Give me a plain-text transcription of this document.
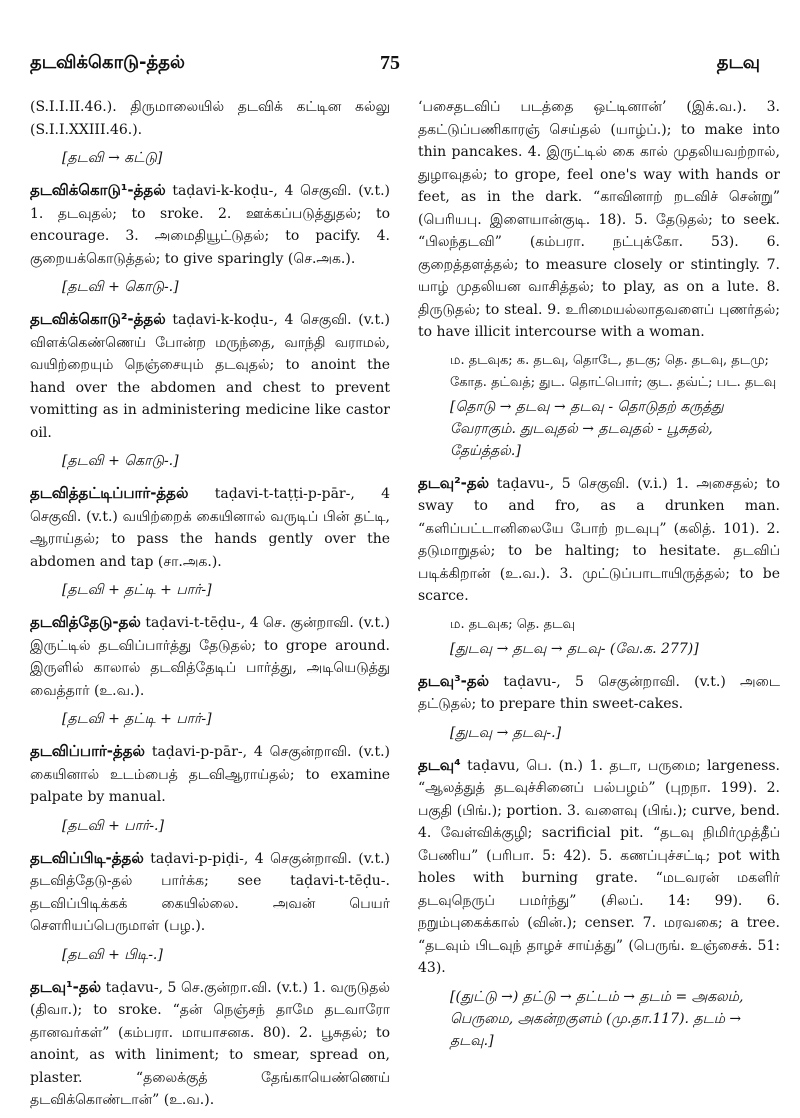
தடவிக்கொடு-த்தல்	75	தடவு
(S.I.I.II.46.). திருமாலையில் தடவிக் கட்டின கல்லு (S.I.I.XXIII.46.).
[தடவி → கட்டு]
தடவிக்கொடு¹-த்தல் taḍavi-k-koḍu-, 4 செகுவி. (v.t.) 1. தடவுதல்; to sroke. 2. ஊக்கப்படுத்துதல்; to encourage. 3. அமைதியூட்டுதல்; to pacify. 4. குறையக்கொடுத்தல்; to give sparingly (செ.அக.).
[தடவி + கொடு-.]
தடவிக்கொடு²-த்தல் taḍavi-k-koḍu-, 4 செகுவி. (v.t.) விளக்கெண்ணெய் போன்ற மருந்தை, வாந்தி வராமல், வயிற்றையும் நெஞ்சையும் தடவுதல்; to anoint the hand over the abdomen and chest to prevent vomitting as in administering medicine like castor oil.
[தடவி + கொடு-.]
தடவித்தட்டிப்பார்-த்தல் taḍavi-t-taṭṭi-p-pār-, 4 செகுவி. (v.t.) வயிற்றைக் கையினால் வருடிப் பின் தட்டி, ஆராய்தல்; to pass the hands gently over the abdomen and tap (சா.அக.).
[தடவி + தட்டி + பார்-]
தடவித்தேடு-தல் taḍavi-t-tēḍu-, 4 செ. குன்றாவி. (v.t.) இருட்டில் தடவிப்பார்த்து தேடுதல்; to grope around. இருளில் காலால் தடவித்தேடிப் பார்த்து, அடியெடுத்து வைத்தார் (உ.வ.).
[தடவி + தட்டி + பார்-]
தடவிப்பார்-த்தல் taḍavi-p-pār-, 4 செகுன்றாவி. (v.t.) கையினால் உடம்பைத் தடவிஆராய்தல்; to examine palpate by manual.
[தடவி + பார்-.]
தடவிப்பிடி-த்தல் taḍavi-p-piḍi-, 4 செகுன்றாவி. (v.t.) தடவித்தேடு-தல் பார்க்க; see taḍavi-t-tēḍu-. தடவிப்பிடிக்கக் கையில்லை. அவன் பெயர் சௌரியப்பெருமாள் (பழ.).
[தடவி + பிடி-.]
தடவு¹-தல் taḍavu-, 5 செ.குன்றா.வி. (v.t.) 1. வருடுதல் (திவா.); to sroke. “தன் நெஞ்சந் தாமே தடவாரோ தானவர்கள்” (கம்பரா. மாயாசனக. 80). 2. பூசுதல்; to anoint, as with liniment; to smear, spread on, plaster. “தலைக்குத் தேங்காயெண்ணெய் தடவிக்கொண்டான்” (உ.வ.).
‘பசைதடவிப் படத்தை ஒட்டினான்’ (இக்.வ.). 3. தகட்டுப்பணிகாரஞ் செய்தல் (யாழ்ப்.); to make into thin pancakes. 4. இருட்டில் கை கால் முதலியவற்றால், துழாவுதல்; to grope, feel one's way with hands or feet, as in the dark. “காவினாற் றடவிச் சென்று” (பெரியபு. இளையான்குடி. 18). 5. தேடுதல்; to seek. “பிலந்தடவி” (கம்பரா. நட்புக்கோ. 53). 6. குறைத்தளத்தல்; to measure closely or stintingly. 7. யாழ் முதலியன வாசித்தல்; to play, as on a lute. 8. திருடுதல்; to steal. 9. உரிமையல்லாதவளைப் புணர்தல்; to have illicit intercourse with a woman.
ம. தடவுக; க. தடவு, தொடே, தடகு; தெ. தடவு, தடமு; கோத. தட்வத்; துட. தொட்பொர்; குட. தவ்ட்; பட. தடவு
[தொடு → தடவு → தடவு - தொடுதற் கருத்து வேராகும். துடவுதல் → தடவுதல் - பூசுதல், தேய்த்தல்.]
தடவு²-தல் taḍavu-, 5 செகுவி. (v.i.) 1. அசைதல்; to sway to and fro, as a drunken man. “களிப்பட்டானிலையே போற் றடவுபு” (கலித். 101). 2. தடுமாறுதல்; to be halting; to hesitate. தடவிப் படிக்கிறான் (உ.வ.). 3. முட்டுப்பாடாயிருத்தல்; to be scarce.
ம. தடவுக; தெ. தடவு
[துடவு → தடவு → தடவு- (வே.க. 277)]
தடவு³-தல் taḍavu-, 5 செகுன்றாவி. (v.t.) அடை தட்டுதல்; to prepare thin sweet-cakes.
[துடவு → தடவு-.]
தடவு⁴ taḍavu, பெ. (n.) 1. தடா, பருமை; largeness. “ஆலத்துத் தடவுச்சினைப் பல்பழம்” (புறநா. 199). 2. பகுதி (பிங்.); portion. 3. வளைவு (பிங்.); curve, bend. 4. வேள்விக்குழி; sacrificial pit. “தடவு நிமிர்முத்தீப் பேணிய” (பரிபா. 5: 42). 5. கணப்புச்சட்டி; pot with holes with burning grate. “மடவரன் மகளிர் தடவுநெருப் பமர்ந்து” (சிலப். 14: 99). 6. நறும்புகைக்கால் (வின்.); censer. 7. மரவகை; a tree. “தடவும் பிடவுந் தாழச் சாய்த்து” (பெருங். உஞ்சைக். 51: 43).
[(துட்டு →) தட்டு → தட்டம் → தடம் = அகலம், பெருமை, அகன்றகுளம் (மு.தா.117). தடம் → தடவு.]
